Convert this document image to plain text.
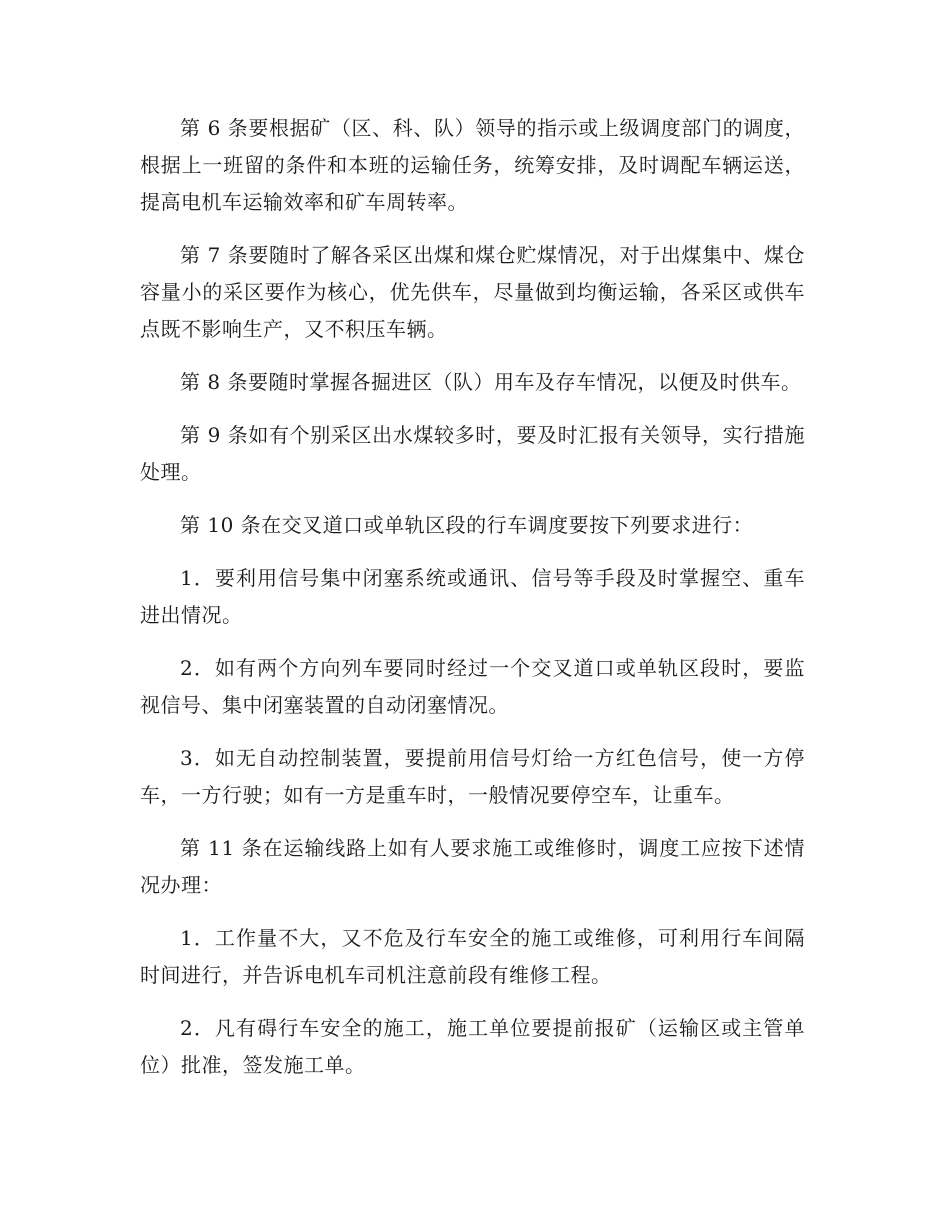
第 6 条要根据矿（区、科、队）领导的指示或上级调度部门的调度，根据上一班留的条件和本班的运输任务，统筹安排，及时调配车辆运送，提高电机车运输效率和矿车周转率。

第 7 条要随时了解各采区出煤和煤仓贮煤情况，对于出煤集中、煤仓容量小的采区要作为核心，优先供车，尽量做到均衡运输，各采区或供车点既不影响生产，又不积压车辆。

第 8 条要随时掌握各掘进区（队）用车及存车情况，以便及时供车。

第 9 条如有个别采区出水煤较多时，要及时汇报有关领导，实行措施处理。

第 10 条在交叉道口或单轨区段的行车调度要按下列要求进行：

1．要利用信号集中闭塞系统或通讯、信号等手段及时掌握空、重车进出情况。

2．如有两个方向列车要同时经过一个交叉道口或单轨区段时，要监视信号、集中闭塞装置的自动闭塞情况。

3．如无自动控制装置，要提前用信号灯给一方红色信号，使一方停车，一方行驶；如有一方是重车时，一般情况要停空车，让重车。

第 11 条在运输线路上如有人要求施工或维修时，调度工应按下述情况办理：

1．工作量不大，又不危及行车安全的施工或维修，可利用行车间隔时间进行，并告诉电机车司机注意前段有维修工程。

2．凡有碍行车安全的施工，施工单位要提前报矿（运输区或主管单位）批准，签发施工单。
